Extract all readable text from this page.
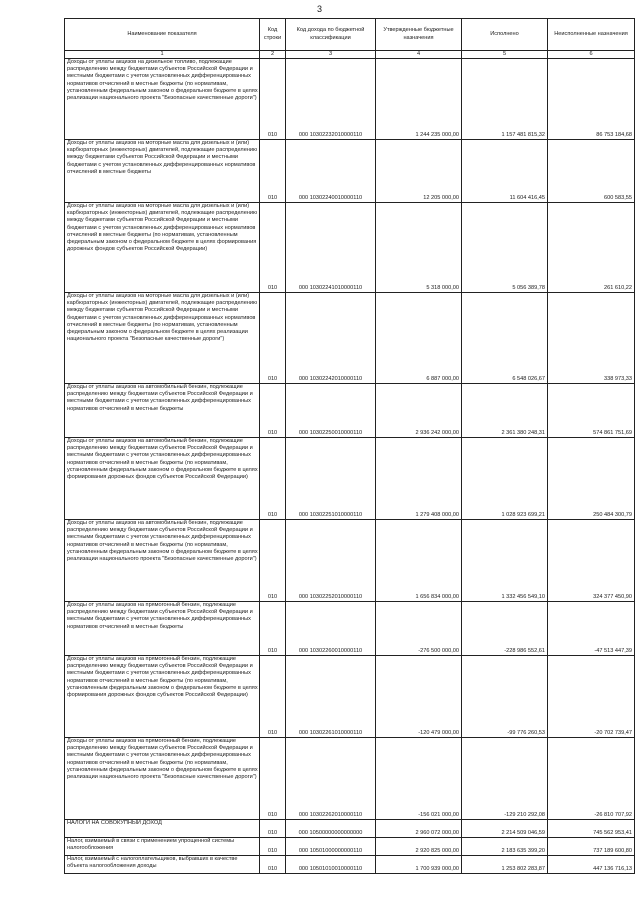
3
Наименование показателя	Код строки	Код дохода по бюджетной классификации	Утвержденные бюджетные назначения	Исполнено	Неисполненные назначения
1	2	3	4	5	6
Доходы от уплаты акцизов на дизельное топливо, подлежащие распределению между бюджетами субъектов Российской Федерации и местными бюджетами с учетом установленных дифференцированных нормативов отчислений в местные бюджеты (по нормативам, установленным федеральным законом о федеральном бюджете в целях реализации национального проекта "Безопасные качественные дороги")	010	000 10302232010000110	1 244 235 000,00	1 157 481 815,32	86 753 184,68
Доходы от уплаты акцизов на моторные масла для дизельных и (или) карбюраторных (инжекторных) двигателей, подлежащие распределению между бюджетами субъектов Российской Федерации и местными бюджетами с учетом установленных дифференцированных нормативов отчислений в местные бюджеты	010	000 10302240010000110	12 205 000,00	11 604 416,45	600 583,55
Доходы от уплаты акцизов на моторные масла для дизельных и (или) карбюраторных (инжекторных) двигателей, подлежащие распределению между бюджетами субъектов Российской Федерации и местными бюджетами с учетом установленных дифференцированных нормативов отчислений в местные бюджеты (по нормативам, установленным федеральным законом о федеральном бюджете в целях формирования дорожных фондов субъектов Российской Федерации)	010	000 10302241010000110	5 318 000,00	5 056 389,78	261 610,22
Доходы от уплаты акцизов на моторные масла для дизельных и (или) карбюраторных (инжекторных) двигателей, подлежащие распределению между бюджетами субъектов Российской Федерации и местными бюджетами с учетом установленных дифференцированных нормативов отчислений в местные бюджеты (по нормативам, установленным федеральным законом о федеральном бюджете в целях реализации национального проекта "Безопасные качественные дороги")	010	000 10302242010000110	6 887 000,00	6 548 026,67	338 973,33
Доходы от уплаты акцизов на автомобильный бензин, подлежащие распределению между бюджетами субъектов Российской Федерации и местными бюджетами с учетом установленных дифференцированных нормативов отчислений в местные бюджеты	010	000 10302250010000110	2 936 242 000,00	2 361 380 248,31	574 861 751,69
Доходы от уплаты акцизов на автомобильный бензин, подлежащие распределению между бюджетами субъектов Российской Федерации и местными бюджетами с учетом установленных дифференцированных нормативов отчислений в местные бюджеты (по нормативам, установленным федеральным законом о федеральном бюджете в целях формирования дорожных фондов субъектов Российской Федерации)	010	000 10302251010000110	1 279 408 000,00	1 028 923 699,21	250 484 300,79
Доходы от уплаты акцизов на автомобильный бензин, подлежащие распределению между бюджетами субъектов Российской Федерации и местными бюджетами с учетом установленных дифференцированных нормативов отчислений в местные бюджеты (по нормативам, установленным федеральным законом о федеральном бюджете в целях реализации национального проекта "Безопасные качественные дороги")	010	000 10302252010000110	1 656 834 000,00	1 332 456 549,10	324 377 450,90
Доходы от уплаты акцизов на прямогонный бензин, подлежащие распределению между бюджетами субъектов Российской Федерации и местными бюджетами с учетом установленных дифференцированных нормативов отчислений в местные бюджеты	010	000 10302260010000110	-276 500 000,00	-228 986 552,61	-47 513 447,39
Доходы от уплаты акцизов на прямогонный бензин, подлежащие распределению между бюджетами субъектов Российской Федерации и местными бюджетами с учетом установленных дифференцированных нормативов отчислений в местные бюджеты (по нормативам, установленным федеральным законом о федеральном бюджете в целях формирования дорожных фондов субъектов Российской Федерации)	010	000 10302261010000110	-120 479 000,00	-99 776 260,53	-20 702 739,47
Доходы от уплаты акцизов на прямогонный бензин, подлежащие распределению между бюджетами субъектов Российской Федерации и местными бюджетами с учетом установленных дифференцированных нормативов отчислений в местные бюджеты (по нормативам, установленным федеральным законом о федеральном бюджете в целях реализации национального проекта "Безопасные качественные дороги")	010	000 10302262010000110	-156 021 000,00	-129 210 292,08	-26 810 707,92
НАЛОГИ НА СОВОКУПНЫЙ ДОХОД	010	000 10500000000000000	2 960 072 000,00	2 214 509 046,59	745 562 953,41
Налог, взимаемый в связи с применением упрощенной системы налогообложения	010	000 10501000000000110	2 920 825 000,00	2 183 635 399,20	737 189 600,80
Налог, взимаемый с налогоплательщиков, выбравших в качестве объекта налогообложения доходы	010	000 10501010010000110	1 700 939 000,00	1 253 802 283,87	447 136 716,13
